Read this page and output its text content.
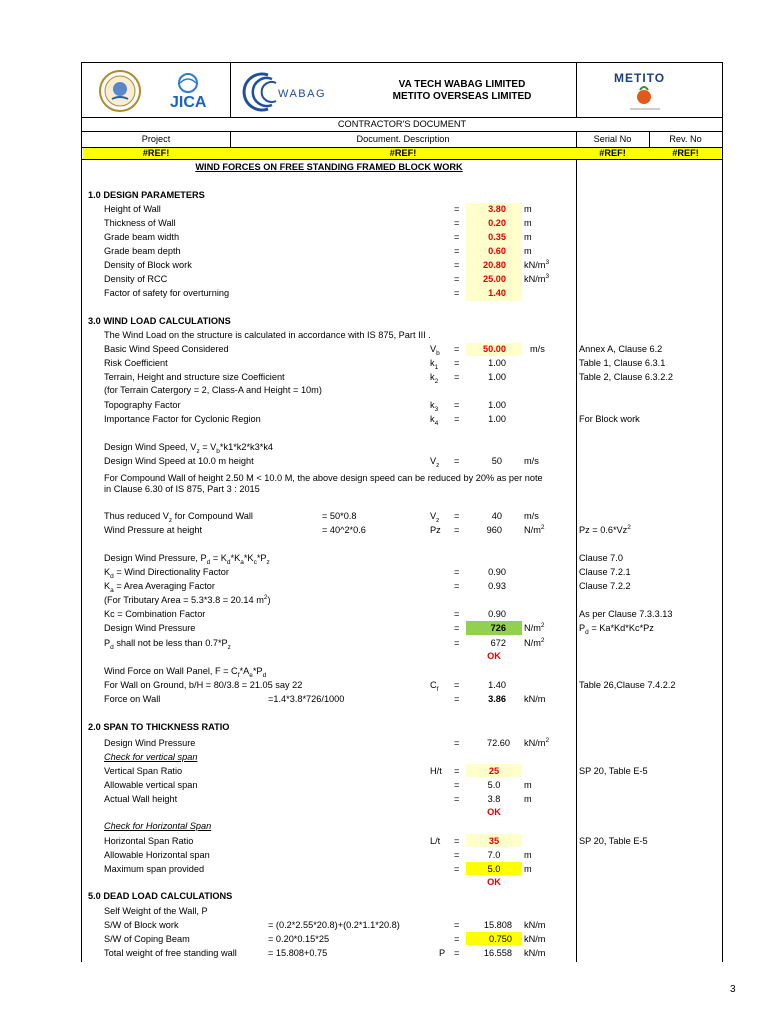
JICA	WABAG
VA TECH WABAG LIMITED
METITO OVERSEAS LIMITED
METITO
CONTRACTOR'S DOCUMENT
Project	Document. Description	Serial No	Rev. No
#REF!	#REF!	#REF!	#REF!
WIND FORCES ON FREE STANDING FRAMED BLOCK WORK
1.0 DESIGN PARAMETERS
Height of Wall	=	3.80 m
Thickness of Wall	=	0.20 m
Grade beam width	=	0.35 m
Grade beam depth	=	0.60 m
Density of Block work	=	20.80 $kN/m^3$
Density of RCC	=	25.00 $kN/m^3$
Factor of safety for overturning	=	1.40
3.0 WIND LOAD CALCULATIONS
The Wind Load on the structure is calculated in accordance with IS 875, Part III .
Basic Wind Speed Considered	$V_b$ =	50.00	m/s	Annex A, Clause 6.2
Risk Coefficient	$k_1$ =	1.00	Table 1, Clause 6.3.1
Terrain, Height and structure size Coefficient	$k_2$ =	1.00	Table 2, Clause 6.3.2.2
(for Terrain Catergory = 2, Class-A and Height = 10m)
Topography Factor	$k_3$ =	1.00
Importance Factor for Cyclonic Region	$k_4$ =	1.00	For Block work
Design Wind Speed, $V_z = V_b*k1*k2*k3*k4$
Design Wind Speed at 10.0 m height	$V_z$ =	50 m/s
For Compound Wall of height 2.50 M < 10.0 M, the above design speed can be reduced by 20% as per note
in Clause 6.30 of IS 875, Part 3 : 2015
Thus reduced $V_z$ for Compound Wall	= 50*0.8	$V_z$ =	40 m/s
Wind Pressure at height	= 40^2*0.6	Pz =	960 $N/m^2$	$Pz = 0.6*Vz^2$
Design Wind Pressure, $P_d = K_d*K_a*K_c*P_z$	Clause 7.0
$K_d$ = Wind Directionality Factor	=	0.90	Clause 7.2.1
$K_a$ = Area Averaging Factor	=	0.93	Clause 7.2.2
(For Tributary Area = 5.3*3.8 = 20.14 $m^2$)
Kc = Combination Factor	=	0.90	As per Clause 7.3.3.13
Design Wind Pressure	=	726 $N/m^2$	$P_d = Ka*Kd*Kc*Pz$
$P_d$ shall not be less than $0.7*P_z$	=	672 $N/m^2$
OK
Wind Force on Wall Panel, $F = C_f*A_e*P_d$
For Wall on Ground, b/H = 80/3.8 = 21.05 say 22	$C_f$ =	1.40	Table 26,Clause 7.4.2.2
Force on Wall	=1.4*3.8*726/1000	=	3.86 kN/m
2.0 SPAN TO THICKNESS RATIO
Design Wind Pressure	=	72.60 $kN/m^2$
Check for vertical span
Vertical Span Ratio	H/t =	25	SP 20, Table E-5
Allowable vertical span	=	5.0	m
Actual Wall height	=	3.8	m
OK
Check for Horizontal Span
Horizontal Span Ratio	L/t =	35	SP 20, Table E-5
Allowable Horizontal span	=	7.0	m
Maximum span provided	=	5.0	m
OK
5.0 DEAD LOAD CALCULATIONS
Self Weight of the Wall, P
S/W of Block work	= (0.2*2.55*20.8)+(0.2*1.1*20.8)	=	15.808 kN/m
S/W of Coping Beam	= 0.20*0.15*25	=	0.750 kN/m
Total weight of free standing wall	= 15.808+0.75	P =	16.558 kN/m
3
